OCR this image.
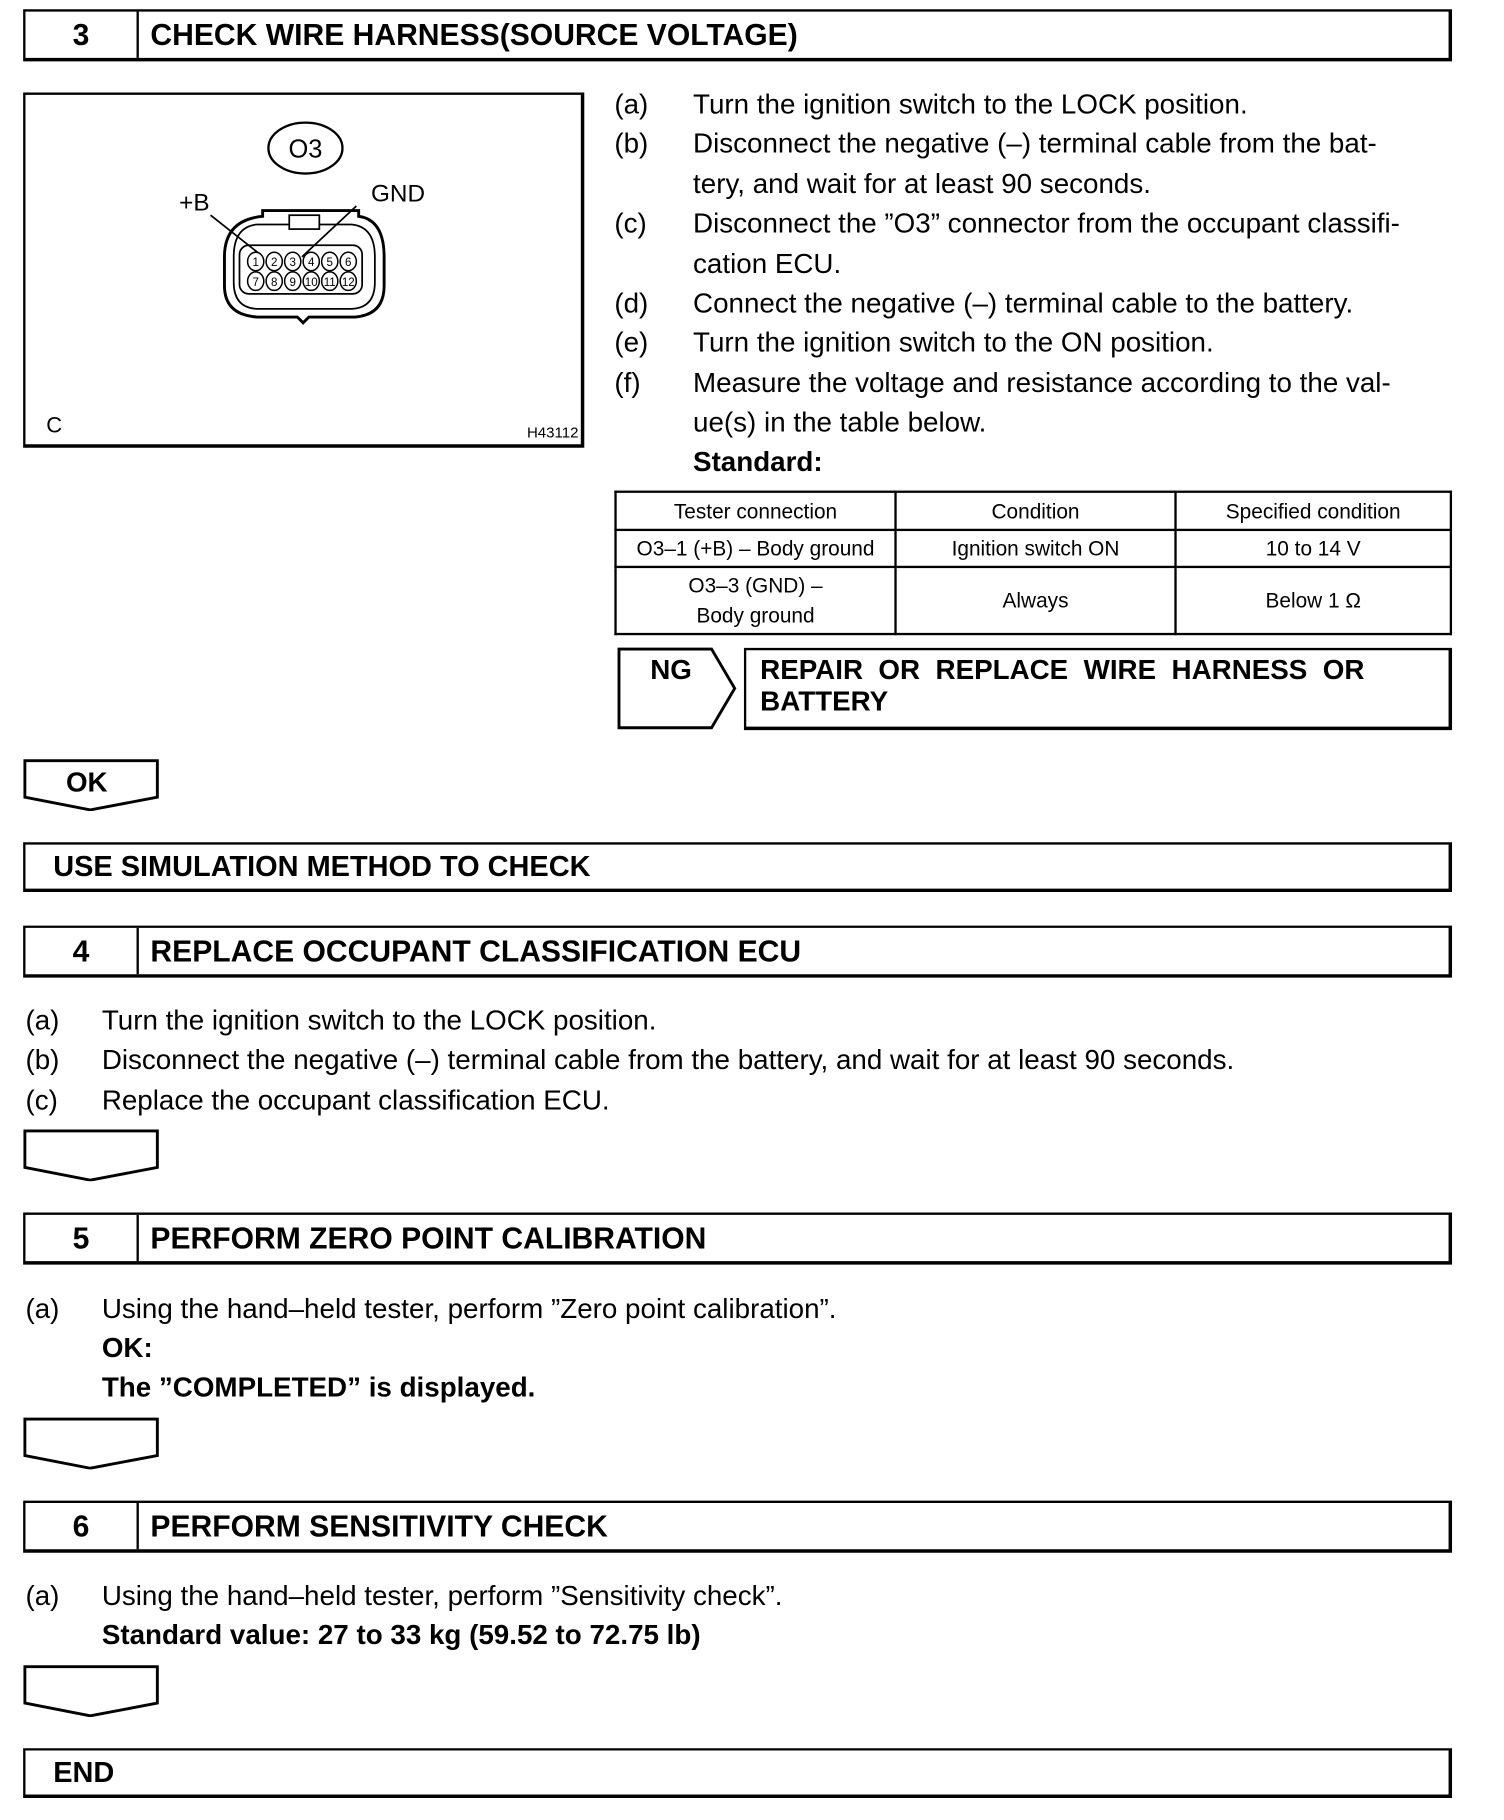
3	CHECK WIRE HARNESS(SOURCE VOLTAGE)
O3
+B	GND
1 2 3 4 5 6
7 8 9 10 11 12
C	H43112
(a) Turn the ignition switch to the LOCK position.
(b) Disconnect the negative (–) terminal cable from the bat-
tery, and wait for at least 90 seconds.
(c) Disconnect the ”O3” connector from the occupant classifi-
cation ECU.
(d) Connect the negative (–) terminal cable to the battery.
(e) Turn the ignition switch to the ON position.
(f) Measure the voltage and resistance according to the val-
ue(s) in the table below.
Standard:
Tester connection	Condition	Specified condition
O3–1 (+B) – Body ground	Ignition switch ON	10 to 14 V

O3–3 (GND) –
Body ground	Always	Below 1 Ω
NG	REPAIR  OR  REPLACE  WIRE  HARNESS  OR
BATTERY
OK
USE SIMULATION METHOD TO CHECK
4	REPLACE OCCUPANT CLASSIFICATION ECU
(a) Turn the ignition switch to the LOCK position.
(b) Disconnect the negative (–) terminal cable from the battery, and wait for at least 90 seconds.
(c) Replace the occupant classification ECU.
5	PERFORM ZERO POINT CALIBRATION
(a) Using the hand–held tester, perform ”Zero point calibration”.
OK:
The ”COMPLETED” is displayed.
6	PERFORM SENSITIVITY CHECK
(a) Using the hand–held tester, perform ”Sensitivity check”.
Standard value: 27 to 33 kg (59.52 to 72.75 lb)
END
